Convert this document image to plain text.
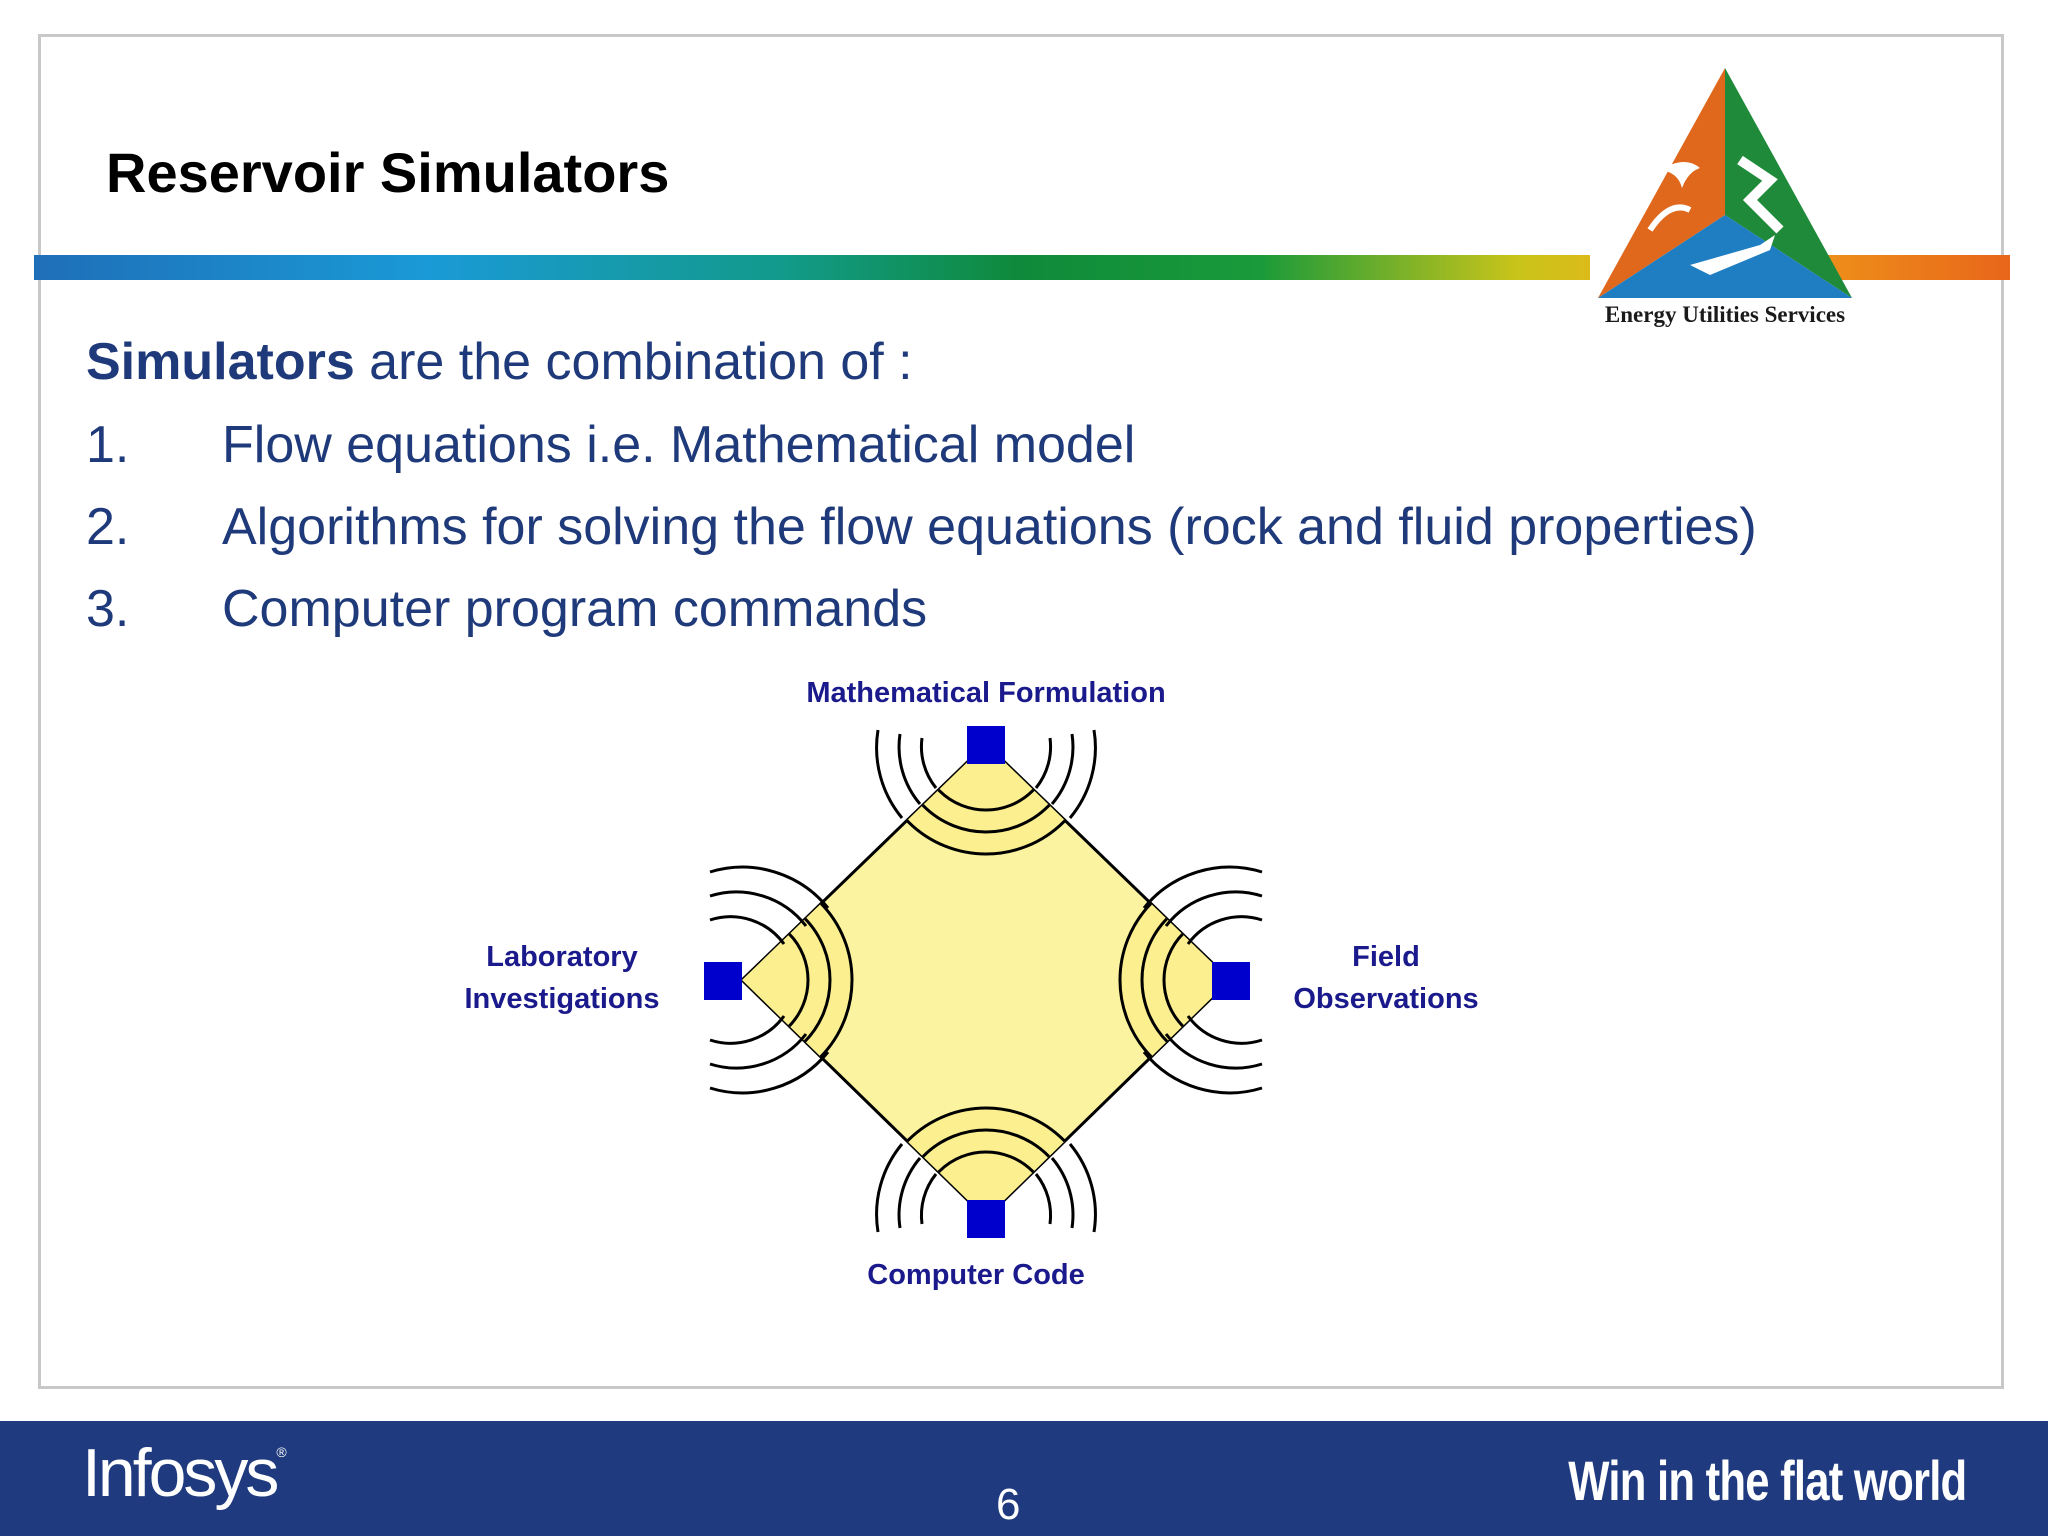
Reservoir Simulators
Energy Utilities Services
Simulators are the combination of :
1. Flow equations i.e. Mathematical model
2. Algorithms for solving the flow equations (rock and fluid properties)
3. Computer program commands
Mathematical Formulation
Laboratory
Investigations
Field
Observations
Computer Code
Infosys®
6	Win in the flat world
